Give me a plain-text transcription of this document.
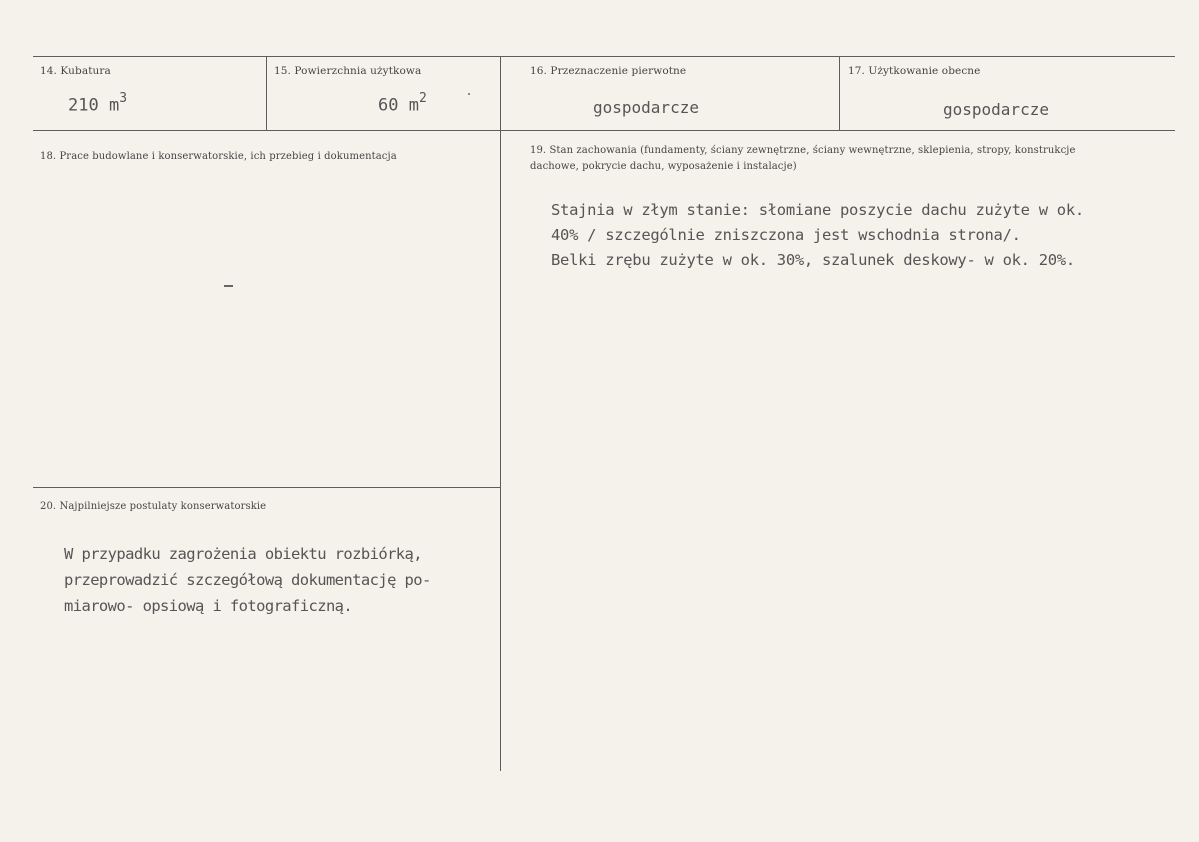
14. Kubatura
210 $m^3$
15. Powierzchnia użytkowa
60 $m^2$
16. Przeznaczenie pierwotne
gospodarcze
17. Użytkowanie obecne
gospodarcze
18. Prace budowlane i konserwatorskie, ich przebieg i dokumentacja
19. Stan zachowania (fundamenty, ściany zewnętrzne, ściany wewnętrzne, sklepienia, stropy, konstrukcje dachowe, pokrycie dachu, wyposażenie i instalacje)
Stajnia w złym stanie: słomiane poszycie dachu zużyte w ok.
40% / szczególnie zniszczona jest wschodnia strona/.
Belki zrębu zużyte w ok. 30%, szalunek deskowy- w ok. 20%.
20. Najpilniejsze postulaty konserwatorskie
W przypadku zagrożenia obiektu rozbiórką,
przeprowadzić szczegółową dokumentację po-
miarowo- opsiową i fotograficzną.
